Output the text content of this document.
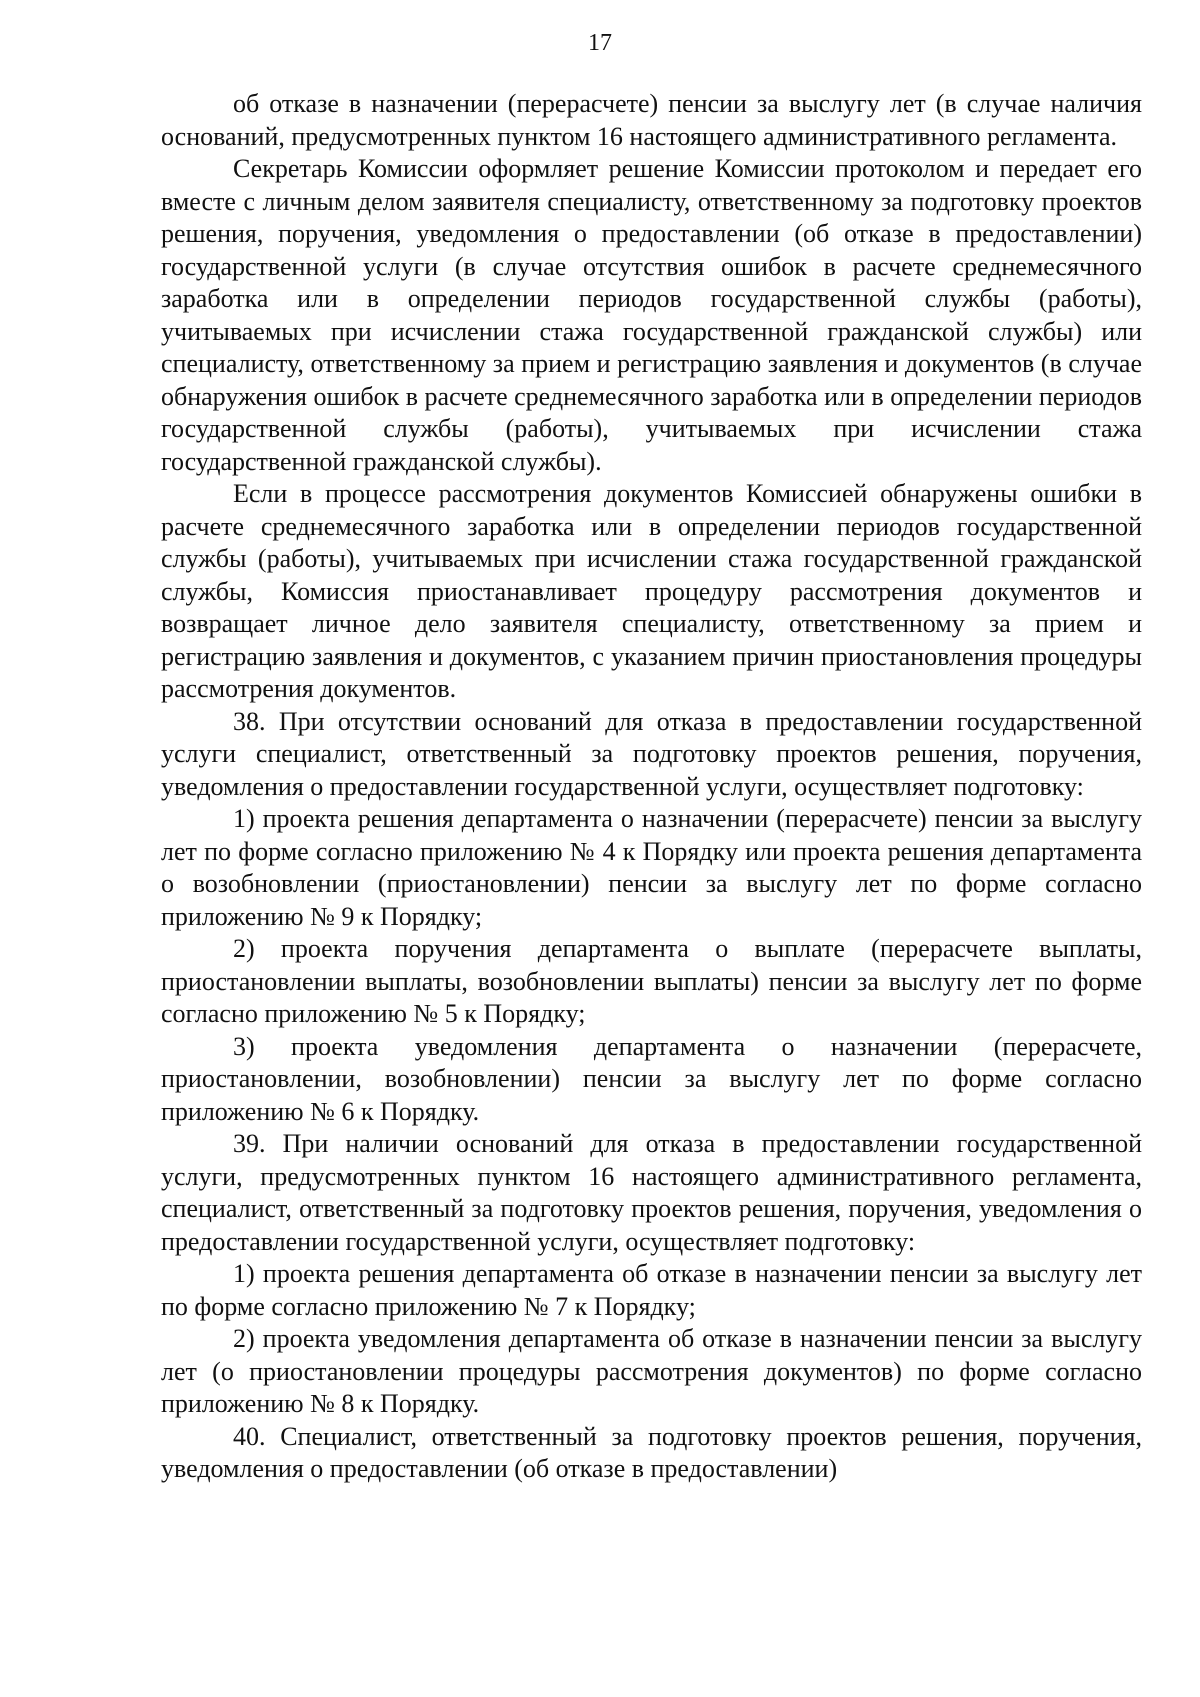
17

об отказе в назначении (перерасчете) пенсии за выслугу лет (в случае наличия оснований, предусмотренных пунктом 16 настоящего административного регламента.

Секретарь Комиссии оформляет решение Комиссии протоколом и передает его вместе с личным делом заявителя специалисту, ответственному за подготовку проектов решения, поручения, уведомления о предоставлении (об отказе в предоставлении) государственной услуги (в случае отсутствия ошибок в расчете среднемесячного заработка или в определении периодов государственной службы (работы), учитываемых при исчислении стажа государственной гражданской службы) или специалисту, ответственному за прием и регистрацию заявления и документов (в случае обнаружения ошибок в расчете среднемесячного заработка или в определении периодов государственной службы (работы), учитываемых при исчислении стажа государственной гражданской службы).

Если в процессе рассмотрения документов Комиссией обнаружены ошибки в расчете среднемесячного заработка или в определении периодов государственной службы (работы), учитываемых при исчислении стажа государственной гражданской службы, Комиссия приостанавливает процедуру рассмотрения документов и возвращает личное дело заявителя специалисту, ответственному за прием и регистрацию заявления и документов, с указанием причин приостановления процедуры рассмотрения документов.

38. При отсутствии оснований для отказа в предоставлении государственной услуги специалист, ответственный за подготовку проектов решения, поручения, уведомления о предоставлении государственной услуги, осуществляет подготовку:

1) проекта решения департамента о назначении (перерасчете) пенсии за выслугу лет по форме согласно приложению № 4 к Порядку или проекта решения департамента о возобновлении (приостановлении) пенсии за выслугу лет по форме согласно приложению № 9 к Порядку;

2) проекта поручения департамента о выплате (перерасчете выплаты, приостановлении выплаты, возобновлении выплаты) пенсии за выслугу лет по форме согласно приложению № 5 к Порядку;

3) проекта уведомления департамента о назначении (перерасчете, приостановлении, возобновлении) пенсии за выслугу лет по форме согласно приложению № 6 к Порядку.

39. При наличии оснований для отказа в предоставлении государственной услуги, предусмотренных пунктом 16 настоящего административного регламента, специалист, ответственный за подготовку проектов решения, поручения, уведомления о предоставлении государственной услуги, осуществляет подготовку:

1) проекта решения департамента об отказе в назначении пенсии за выслугу лет по форме согласно приложению № 7 к Порядку;

2) проекта уведомления департамента об отказе в назначении пенсии за выслугу лет (о приостановлении процедуры рассмотрения документов) по форме согласно приложению № 8 к Порядку.

40. Специалист, ответственный за подготовку проектов решения, поручения, уведомления о предоставлении (об отказе в предоставлении)
